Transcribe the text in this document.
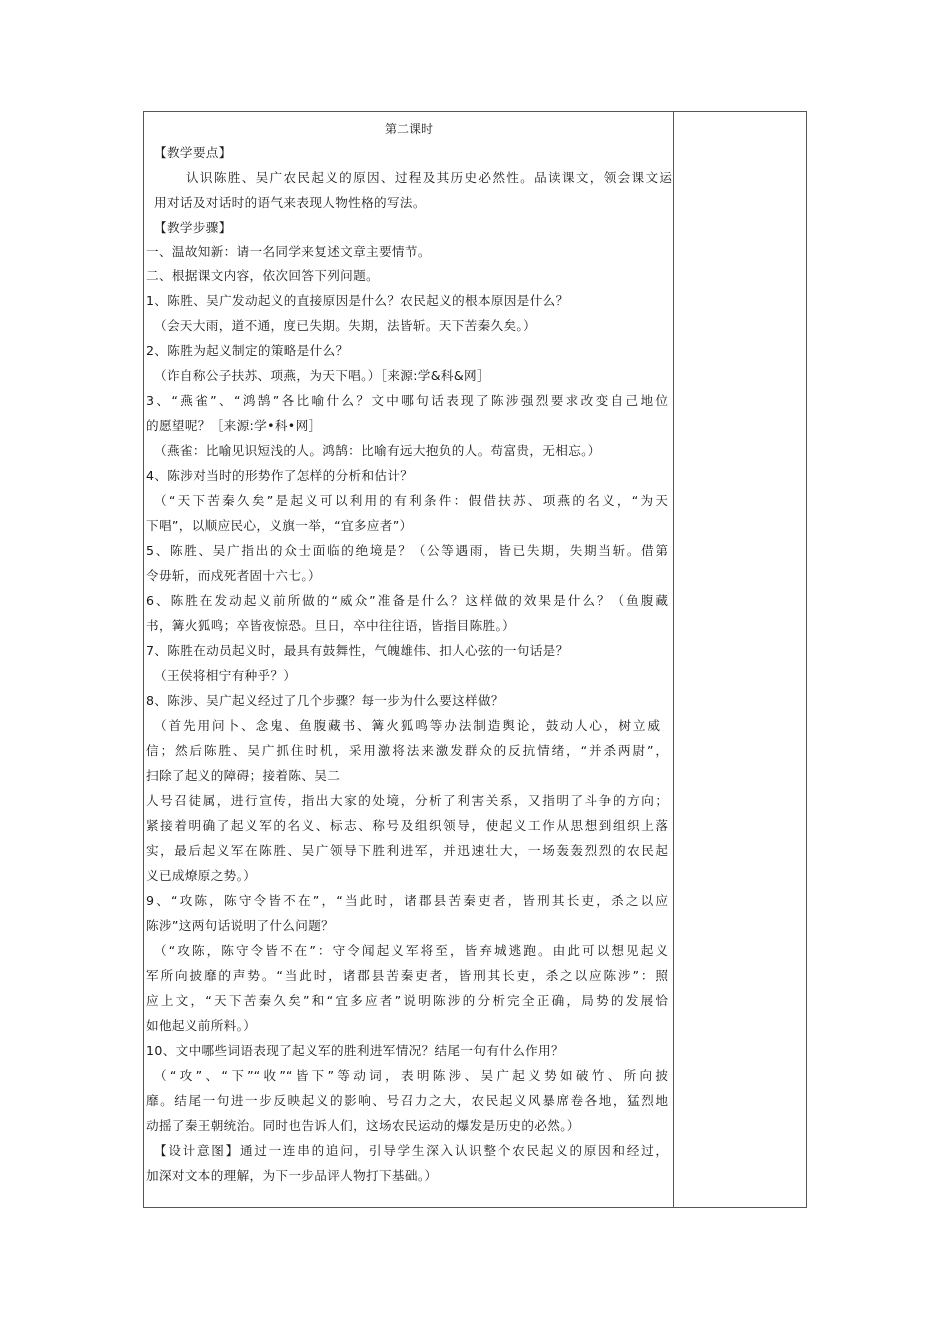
第二课时
【教学要点】
认识陈胜、吴广农民起义的原因、过程及其历史必然性。品读课文，领会课文运
用对话及对话时的语气来表现人物性格的写法。
【教学步骤】
一、温故知新：请一名同学来复述文章主要情节。
二、根据课文内容，依次回答下列问题。
1、陈胜、吴广发动起义的直接原因是什么？农民起义的根本原因是什么？
（会天大雨，道不通，度已失期。失期，法皆斩。天下苦秦久矣。）
2、陈胜为起义制定的策略是什么？
（诈自称公子扶苏、项燕，为天下唱。）［来源:学&科&网］
3、“燕雀”、“鸿鹄”各比喻什么？文中哪句话表现了陈涉强烈要求改变自己地位
的愿望呢？［来源:学•科•网］
（燕雀：比喻见识短浅的人。鸿鹄：比喻有远大抱负的人。苟富贵，无相忘。）
4、陈涉对当时的形势作了怎样的分析和估计？
（“天下苦秦久矣”是起义可以利用的有利条件：假借扶苏、项燕的名义，“为天
下唱”，以顺应民心，义旗一举，“宜多应者”）
5、陈胜、吴广指出的众士面临的绝境是？（公等遇雨，皆已失期，失期当斩。借第
令毋斩，而戍死者固十六七。）
6、陈胜在发动起义前所做的“威众”准备是什么？这样做的效果是什么？（鱼腹藏
书，篝火狐鸣；卒皆夜惊恐。旦日，卒中往往语，皆指目陈胜。）
7、陈胜在动员起义时，最具有鼓舞性，气魄雄伟、扣人心弦的一句话是？
（王侯将相宁有种乎？）
8、陈涉、吴广起义经过了几个步骤？每一步为什么要这样做？
（首先用问卜、念鬼、鱼腹藏书、篝火狐鸣等办法制造舆论，鼓动人心，树立威
信；然后陈胜、吴广抓住时机，采用激将法来激发群众的反抗情绪，“并杀两尉”，
扫除了起义的障碍；接着陈、吴二
人号召徒属，进行宣传，指出大家的处境，分析了利害关系，又指明了斗争的方向；
紧接着明确了起义军的名义、标志、称号及组织领导，使起义工作从思想到组织上落
实，最后起义军在陈胜、吴广领导下胜利进军，并迅速壮大，一场轰轰烈烈的农民起
义已成燎原之势。）
9、“攻陈，陈守令皆不在”，“当此时，诸郡县苦秦吏者，皆刑其长吏，杀之以应
陈涉”这两句话说明了什么问题？
（“攻陈，陈守令皆不在”：守令闻起义军将至，皆弃城逃跑。由此可以想见起义
军所向披靡的声势。“当此时，诸郡县苦秦吏者，皆刑其长吏，杀之以应陈涉”：照
应上文，“天下苦秦久矣”和“宜多应者”说明陈涉的分析完全正确，局势的发展恰
如他起义前所料。）
10、文中哪些词语表现了起义军的胜利进军情况？结尾一句有什么作用？
（“攻”、“下”“收”“皆下”等动词，表明陈涉、吴广起义势如破竹、所向披
靡。结尾一句进一步反映起义的影响、号召力之大，农民起义风暴席卷各地，猛烈地
动摇了秦王朝统治。同时也告诉人们，这场农民运动的爆发是历史的必然。）
【设计意图】通过一连串的追问，引导学生深入认识整个农民起义的原因和经过，
加深对文本的理解，为下一步品评人物打下基础。）
